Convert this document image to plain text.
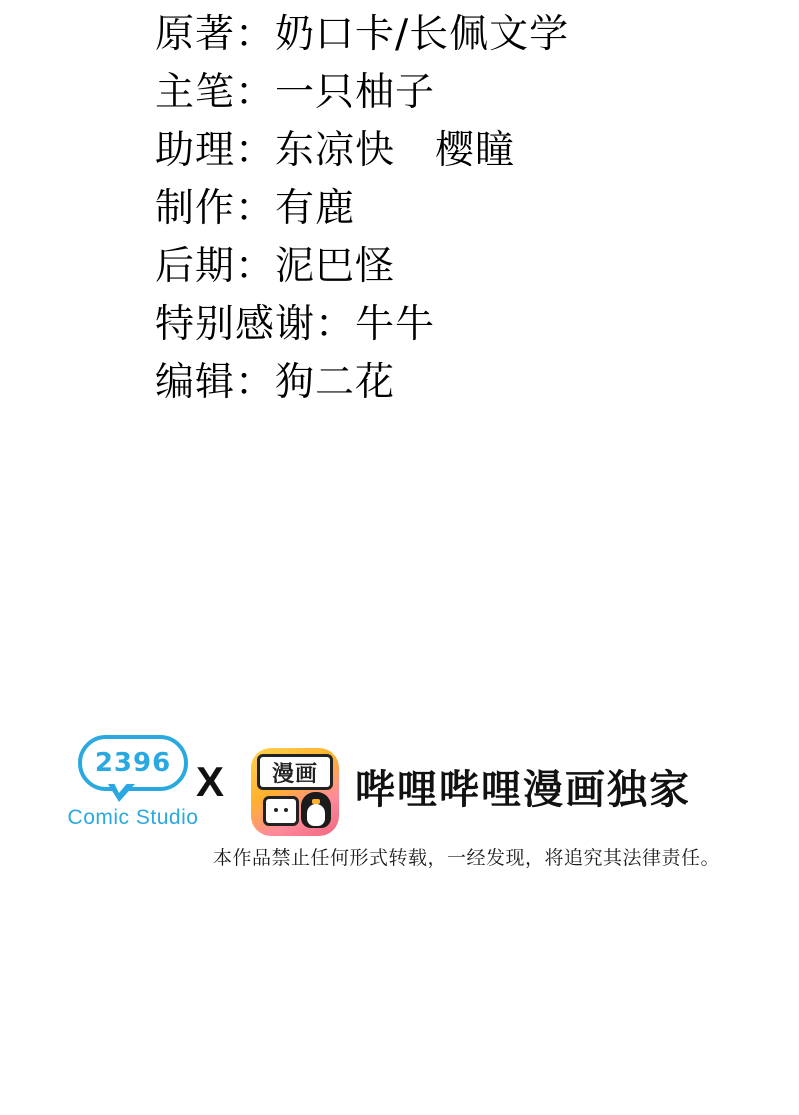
原著：奶口卡/长佩文学
主笔：一只柚子
助理：东凉快　樱瞳
制作：有鹿
后期：泥巴怪
特别感谢：牛牛
编辑：狗二花
2396
Comic Studio
X	漫画 哔哩哔哩漫画独家
本作品禁止任何形式转载，一经发现，将追究其法律责任。
